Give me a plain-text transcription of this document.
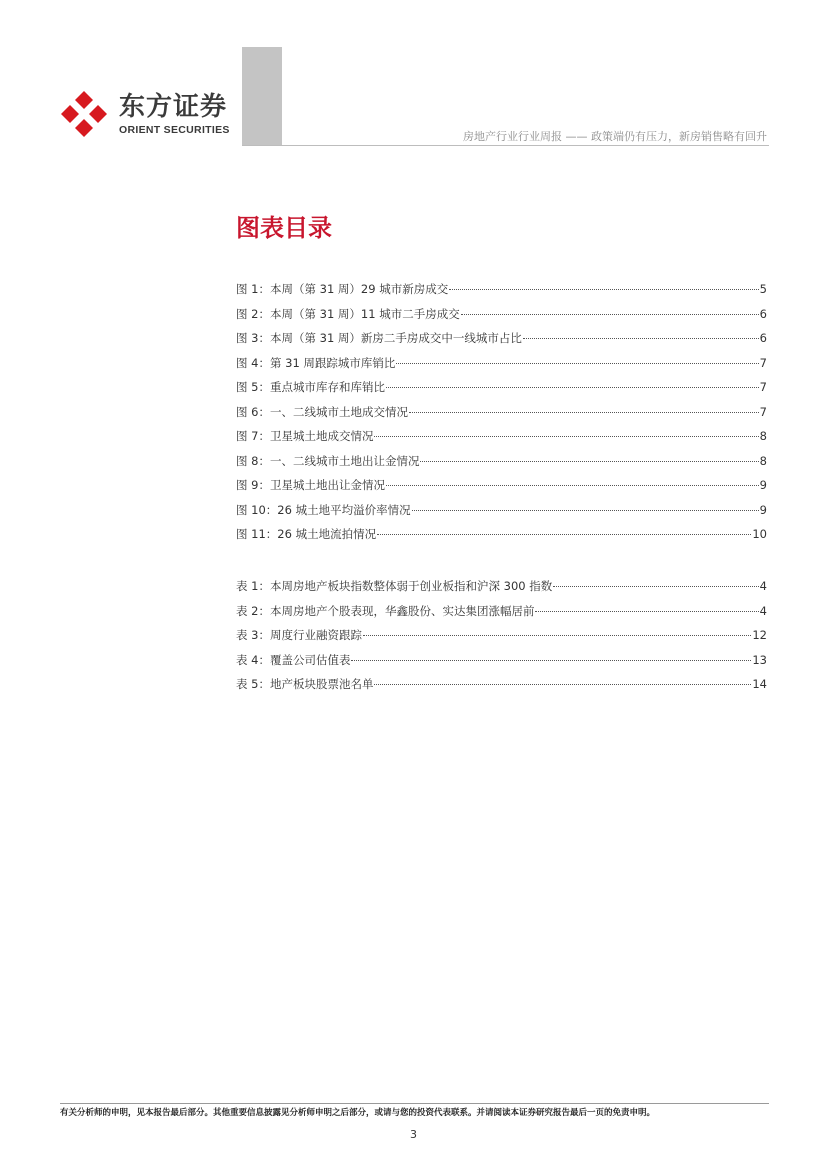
东方证券
ORIENT SECURITIES	房地产行业行业周报 —— 政策端仍有压力，新房销售略有回升
图表目录
图 1：本周（第 31 周）29 城市新房成交	5
图 2：本周（第 31 周）11 城市二手房成交	6
图 3：本周（第 31 周）新房二手房成交中一线城市占比	6
图 4：第 31 周跟踪城市库销比	7
图 5：重点城市库存和库销比	7
图 6：一、二线城市土地成交情况	7
图 7：卫星城土地成交情况	8
图 8：一、二线城市土地出让金情况	8
图 9：卫星城土地出让金情况	9
图 10：26 城土地平均溢价率情况	9
图 11：26 城土地流拍情况	10
表 1：本周房地产板块指数整体弱于创业板指和沪深 300 指数	4
表 2：本周房地产个股表现，华鑫股份、实达集团涨幅居前	4
表 3：周度行业融资跟踪	12
表 4：覆盖公司估值表	13
表 5：地产板块股票池名单	14
有关分析师的申明，见本报告最后部分。其他重要信息披露见分析师申明之后部分，或请与您的投资代表联系。并请阅读本证券研究报告最后一页的免责申明。
3
